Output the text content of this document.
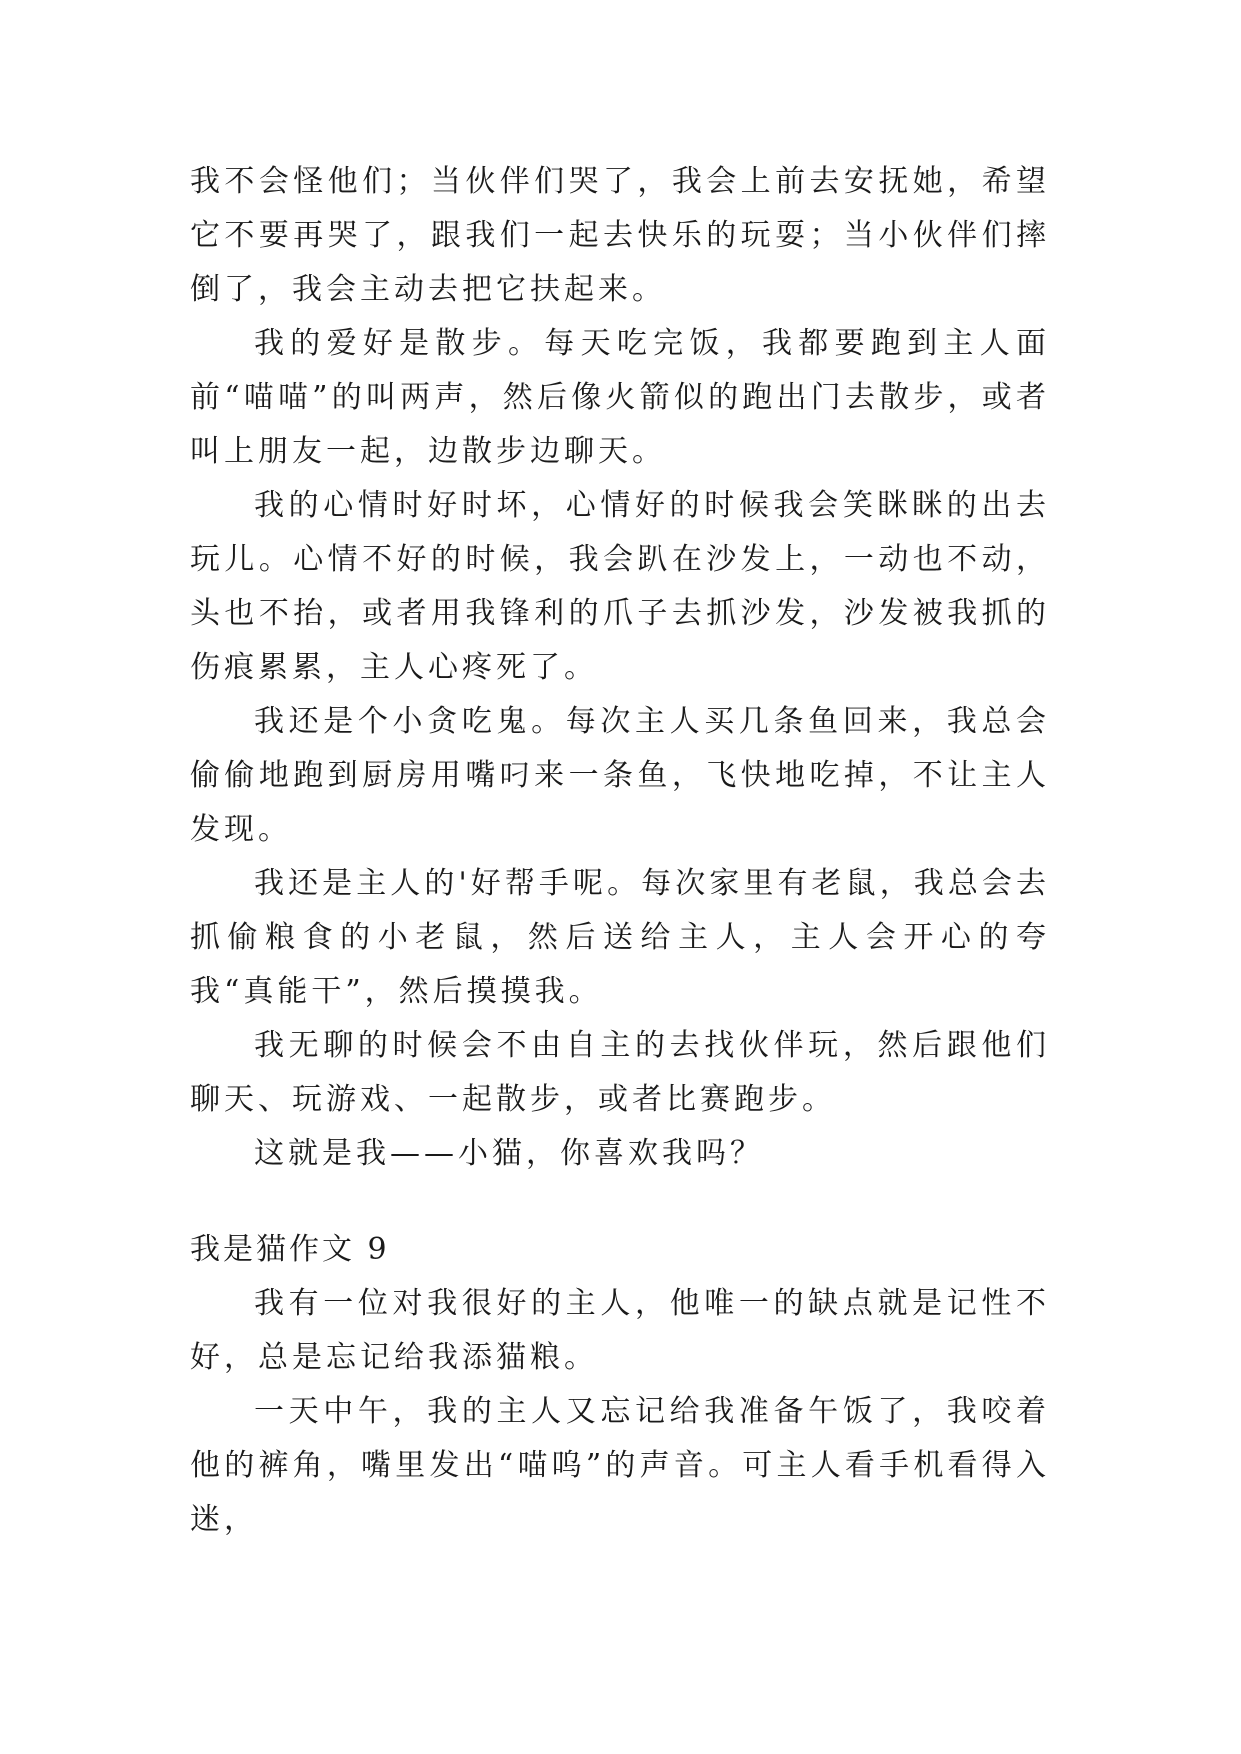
我不会怪他们；当伙伴们哭了，我会上前去安抚她，希望它不要再哭了，跟我们一起去快乐的玩耍；当小伙伴们摔倒了，我会主动去把它扶起来。

我的爱好是散步。每天吃完饭，我都要跑到主人面前“喵喵”的叫两声，然后像火箭似的跑出门去散步，或者叫上朋友一起，边散步边聊天。

我的心情时好时坏，心情好的时候我会笑眯眯的出去玩儿。心情不好的时候，我会趴在沙发上，一动也不动，头也不抬，或者用我锋利的爪子去抓沙发，沙发被我抓的伤痕累累，主人心疼死了。

我还是个小贪吃鬼。每次主人买几条鱼回来，我总会偷偷地跑到厨房用嘴叼来一条鱼，飞快地吃掉，不让主人发现。

我还是主人的'好帮手呢。每次家里有老鼠，我总会去抓偷粮食的小老鼠，然后送给主人，主人会开心的夸我“真能干”，然后摸摸我。

我无聊的时候会不由自主的去找伙伴玩，然后跟他们聊天、玩游戏、一起散步，或者比赛跑步。

这就是我——小猫，你喜欢我吗？

我是猫作文 9

我有一位对我很好的主人，他唯一的缺点就是记性不好，总是忘记给我添猫粮。

一天中午，我的主人又忘记给我准备午饭了，我咬着他的裤角，嘴里发出“喵呜”的声音。可主人看手机看得入迷，
